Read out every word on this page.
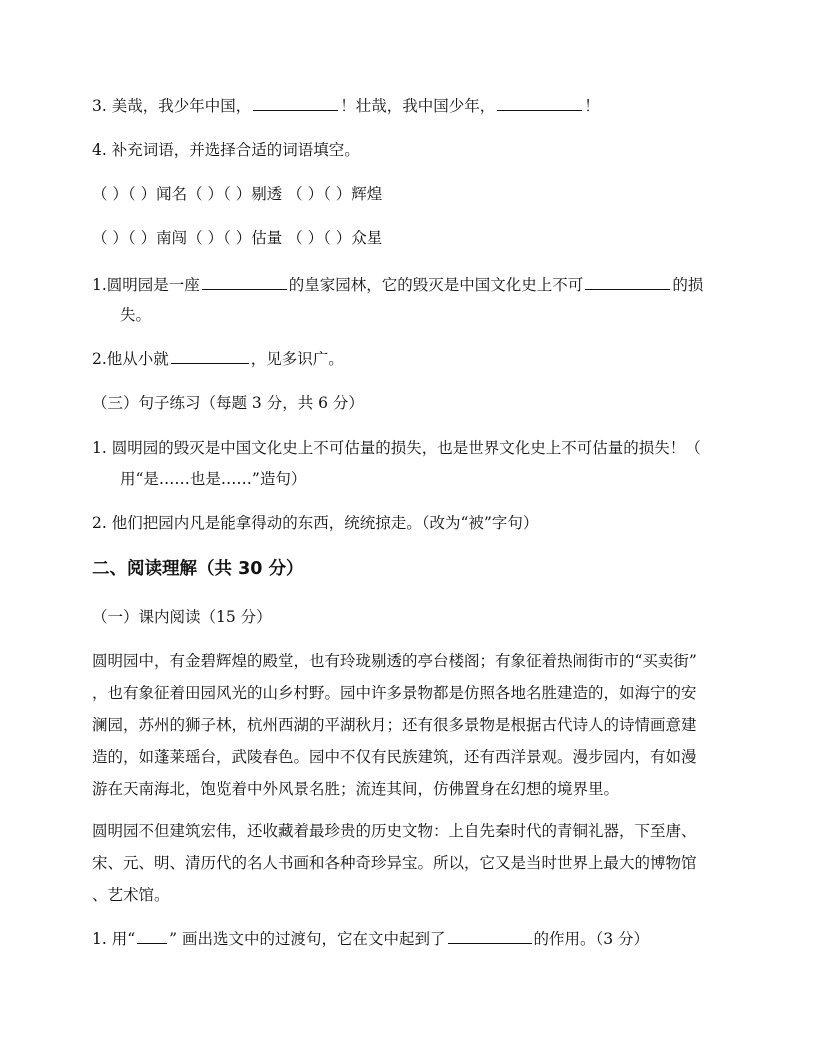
3. 美哉，我少年中国，	！壮哉，我中国少年，	！
4. 补充词语，并选择合适的词语填空。
（ ）（ ）闻名（ ）（ ）剔透 （ ）（ ）辉煌
（ ）（ ）南闯（ ）（ ）估量 （ ）（ ）众星
1.圆明园是一座	的皇家园林，它的毁灭是中国文化史上不可	的损
失。
2.他从小就	，见多识广。
（三）句子练习（每题 3 分，共 6 分）
1. 圆明园的毁灭是中国文化史上不可估量的损失，也是世界文化史上不可估量的损失！（
用“是……也是……”造句）
2. 他们把园内凡是能拿得动的东西，统统掠走。（改为“被”字句）
二、阅读理解（共 30 分）
（一）课内阅读（15 分）
圆明园中，有金碧辉煌的殿堂，也有玲珑剔透的亭台楼阁；有象征着热闹街市的“买卖街”
，也有象征着田园风光的山乡村野。园中许多景物都是仿照各地名胜建造的，如海宁的安
澜园，苏州的狮子林，杭州西湖的平湖秋月；还有很多景物是根据古代诗人的诗情画意建
造的，如蓬莱瑶台，武陵春色。园中不仅有民族建筑，还有西洋景观。漫步园内，有如漫
游在天南海北，饱览着中外风景名胜；流连其间，仿佛置身在幻想的境界里。
圆明园不但建筑宏伟，还收藏着最珍贵的历史文物：上自先秦时代的青铜礼器，下至唐、
宋、元、明、清历代的名人书画和各种奇珍异宝。所以，它又是当时世界上最大的博物馆
、艺术馆。
1. 用“ ” 画出选文中的过渡句，它在文中起到了	的作用。（3 分）
